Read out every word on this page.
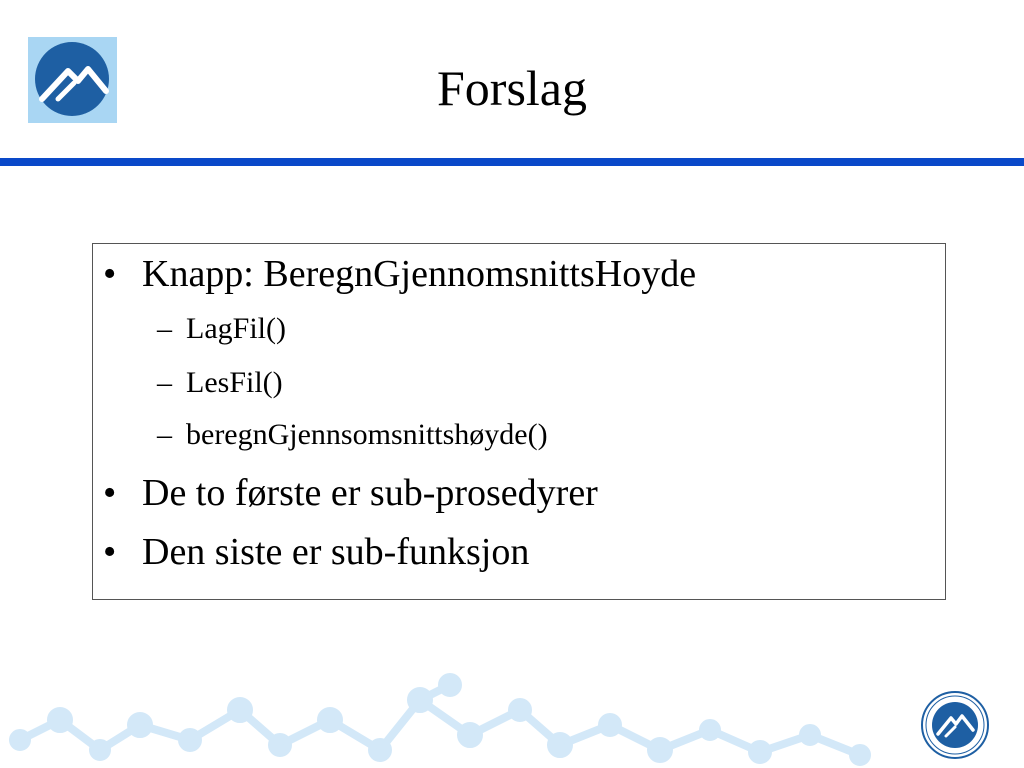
Forslag
• Knapp: BeregnGjennomsnittsHoyde
– LagFil()
– LesFil()
– beregnGjennsomsnittshøyde()
• De to første er sub-prosedyrer
• Den siste er sub-funksjon
